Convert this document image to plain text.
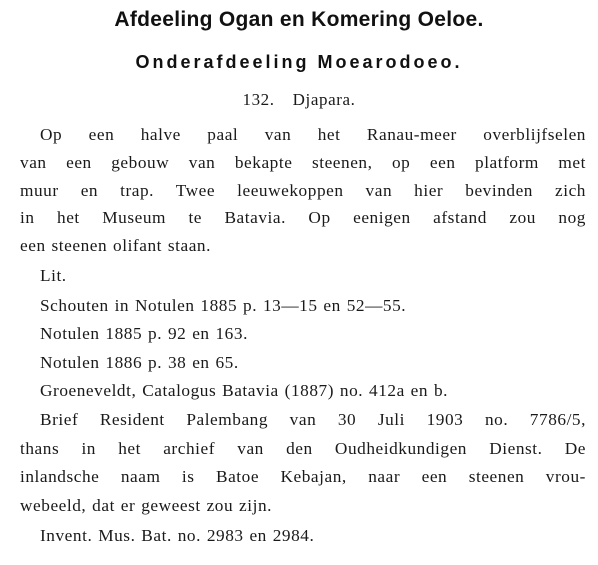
Afdeeling Ogan en Komering Oeloe.
Onderafdeeling Moearodoeo.
132. Djapara.
Op een halve paal van het Ranau-meer overblijfselen
van een gebouw van bekapte steenen, op een platform met
muur en trap. Twee leeuwekoppen van hier bevinden zich
in het Museum te Batavia. Op eenigen afstand zou nog
een steenen olifant staan.
Lit.
Schouten in Notulen 1885 p. 13—15 en 52—55.
Notulen 1885 p. 92 en 163.
Notulen 1886 p. 38 en 65.
Groeneveldt, Catalogus Batavia (1887) no. 412a en b.
Brief Resident Palembang van 30 Juli 1903 no. 7786/5,
thans in het archief van den Oudheidkundigen Dienst. De
inlandsche naam is Batoe Kebajan, naar een steenen vrou-
webeeld, dat er geweest zou zijn.
Invent. Mus. Bat. no. 2983 en 2984.
